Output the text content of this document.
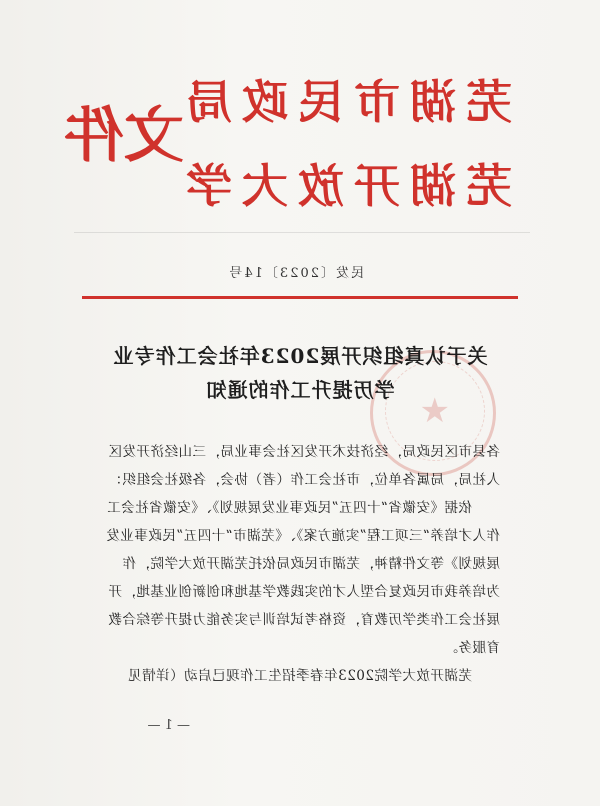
芜湖市民政局
芜湖开放大学
文件
民发〔2023〕14号
★
关于认真组织开展2023年社会工作专业
学历提升工作的通知
各县市区民政局，经济技术开发区社会事业局，三山经济开发区
人社局，局属各单位，市社会工作（者）协会，各级社会组织：
依据《安徽省“十四五”民政事业发展规划》、《安徽省社会工
作人才培养“三项工程”实施方案》、《芜湖市“十四五”民政事业发
展规划》等文件精神，芜湖市民政局依托芜湖开放大学院，作
为培养我市民政复合型人才的实践教学基地和创新创业基地，开
展社会工作类学历教育，资格考试培训与实务能力提升等综合教
育服务。
芜湖开放大学院2023年春季招生工作现已启动（详情见
— 1 —
